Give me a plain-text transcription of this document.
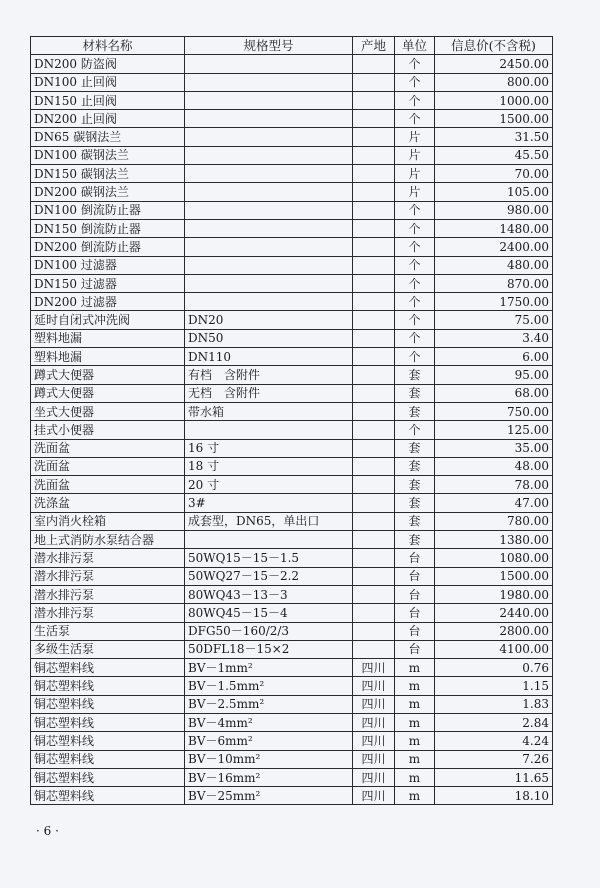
材料名称	规格型号	产地	单位	信息价(不含税)
DN200 防盗阀			个	2450.00
DN100 止回阀			个	800.00
DN150 止回阀			个	1000.00
DN200 止回阀			个	1500.00
DN65 碳钢法兰			片	31.50
DN100 碳钢法兰			片	45.50
DN150 碳钢法兰			片	70.00
DN200 碳钢法兰			片	105.00
DN100 倒流防止器			个	980.00
DN150 倒流防止器			个	1480.00
DN200 倒流防止器			个	2400.00
DN100 过滤器			个	480.00
DN150 过滤器			个	870.00
DN200 过滤器			个	1750.00
延时自闭式冲洗阀	DN20		个	75.00
塑料地漏	DN50		个	3.40
塑料地漏	DN110		个	6.00
蹲式大便器	有档　含附件		套	95.00
蹲式大便器	无档　含附件		套	68.00
坐式大便器	带水箱		套	750.00
挂式小便器			个	125.00
洗面盆	16 寸		套	35.00
洗面盆	18 寸		套	48.00
洗面盆	20 寸		套	78.00
洗涤盆	3#		套	47.00
室内消火栓箱	成套型，DN65，单出口		套	780.00
地上式消防水泵结合器			套	1380.00
潜水排污泵	50WQ15－15－1.5		台	1080.00
潜水排污泵	50WQ27－15－2.2		台	1500.00
潜水排污泵	80WQ43－13－3		台	1980.00
潜水排污泵	80WQ45－15－4		台	2440.00
生活泵	DFG50－160/2/3		台	2800.00
多级生活泵	50DFL18－15×2		台	4100.00
铜芯塑料线	BV－1mm²	四川	m	0.76
铜芯塑料线	BV－1.5mm²	四川	m	1.15
铜芯塑料线	BV－2.5mm²	四川	m	1.83
铜芯塑料线	BV－4mm²	四川	m	2.84
铜芯塑料线	BV－6mm²	四川	m	4.24
铜芯塑料线	BV－10mm²	四川	m	7.26
铜芯塑料线	BV－16mm²	四川	m	11.65
铜芯塑料线	BV－25mm²	四川	m	18.10
· 6 ·
